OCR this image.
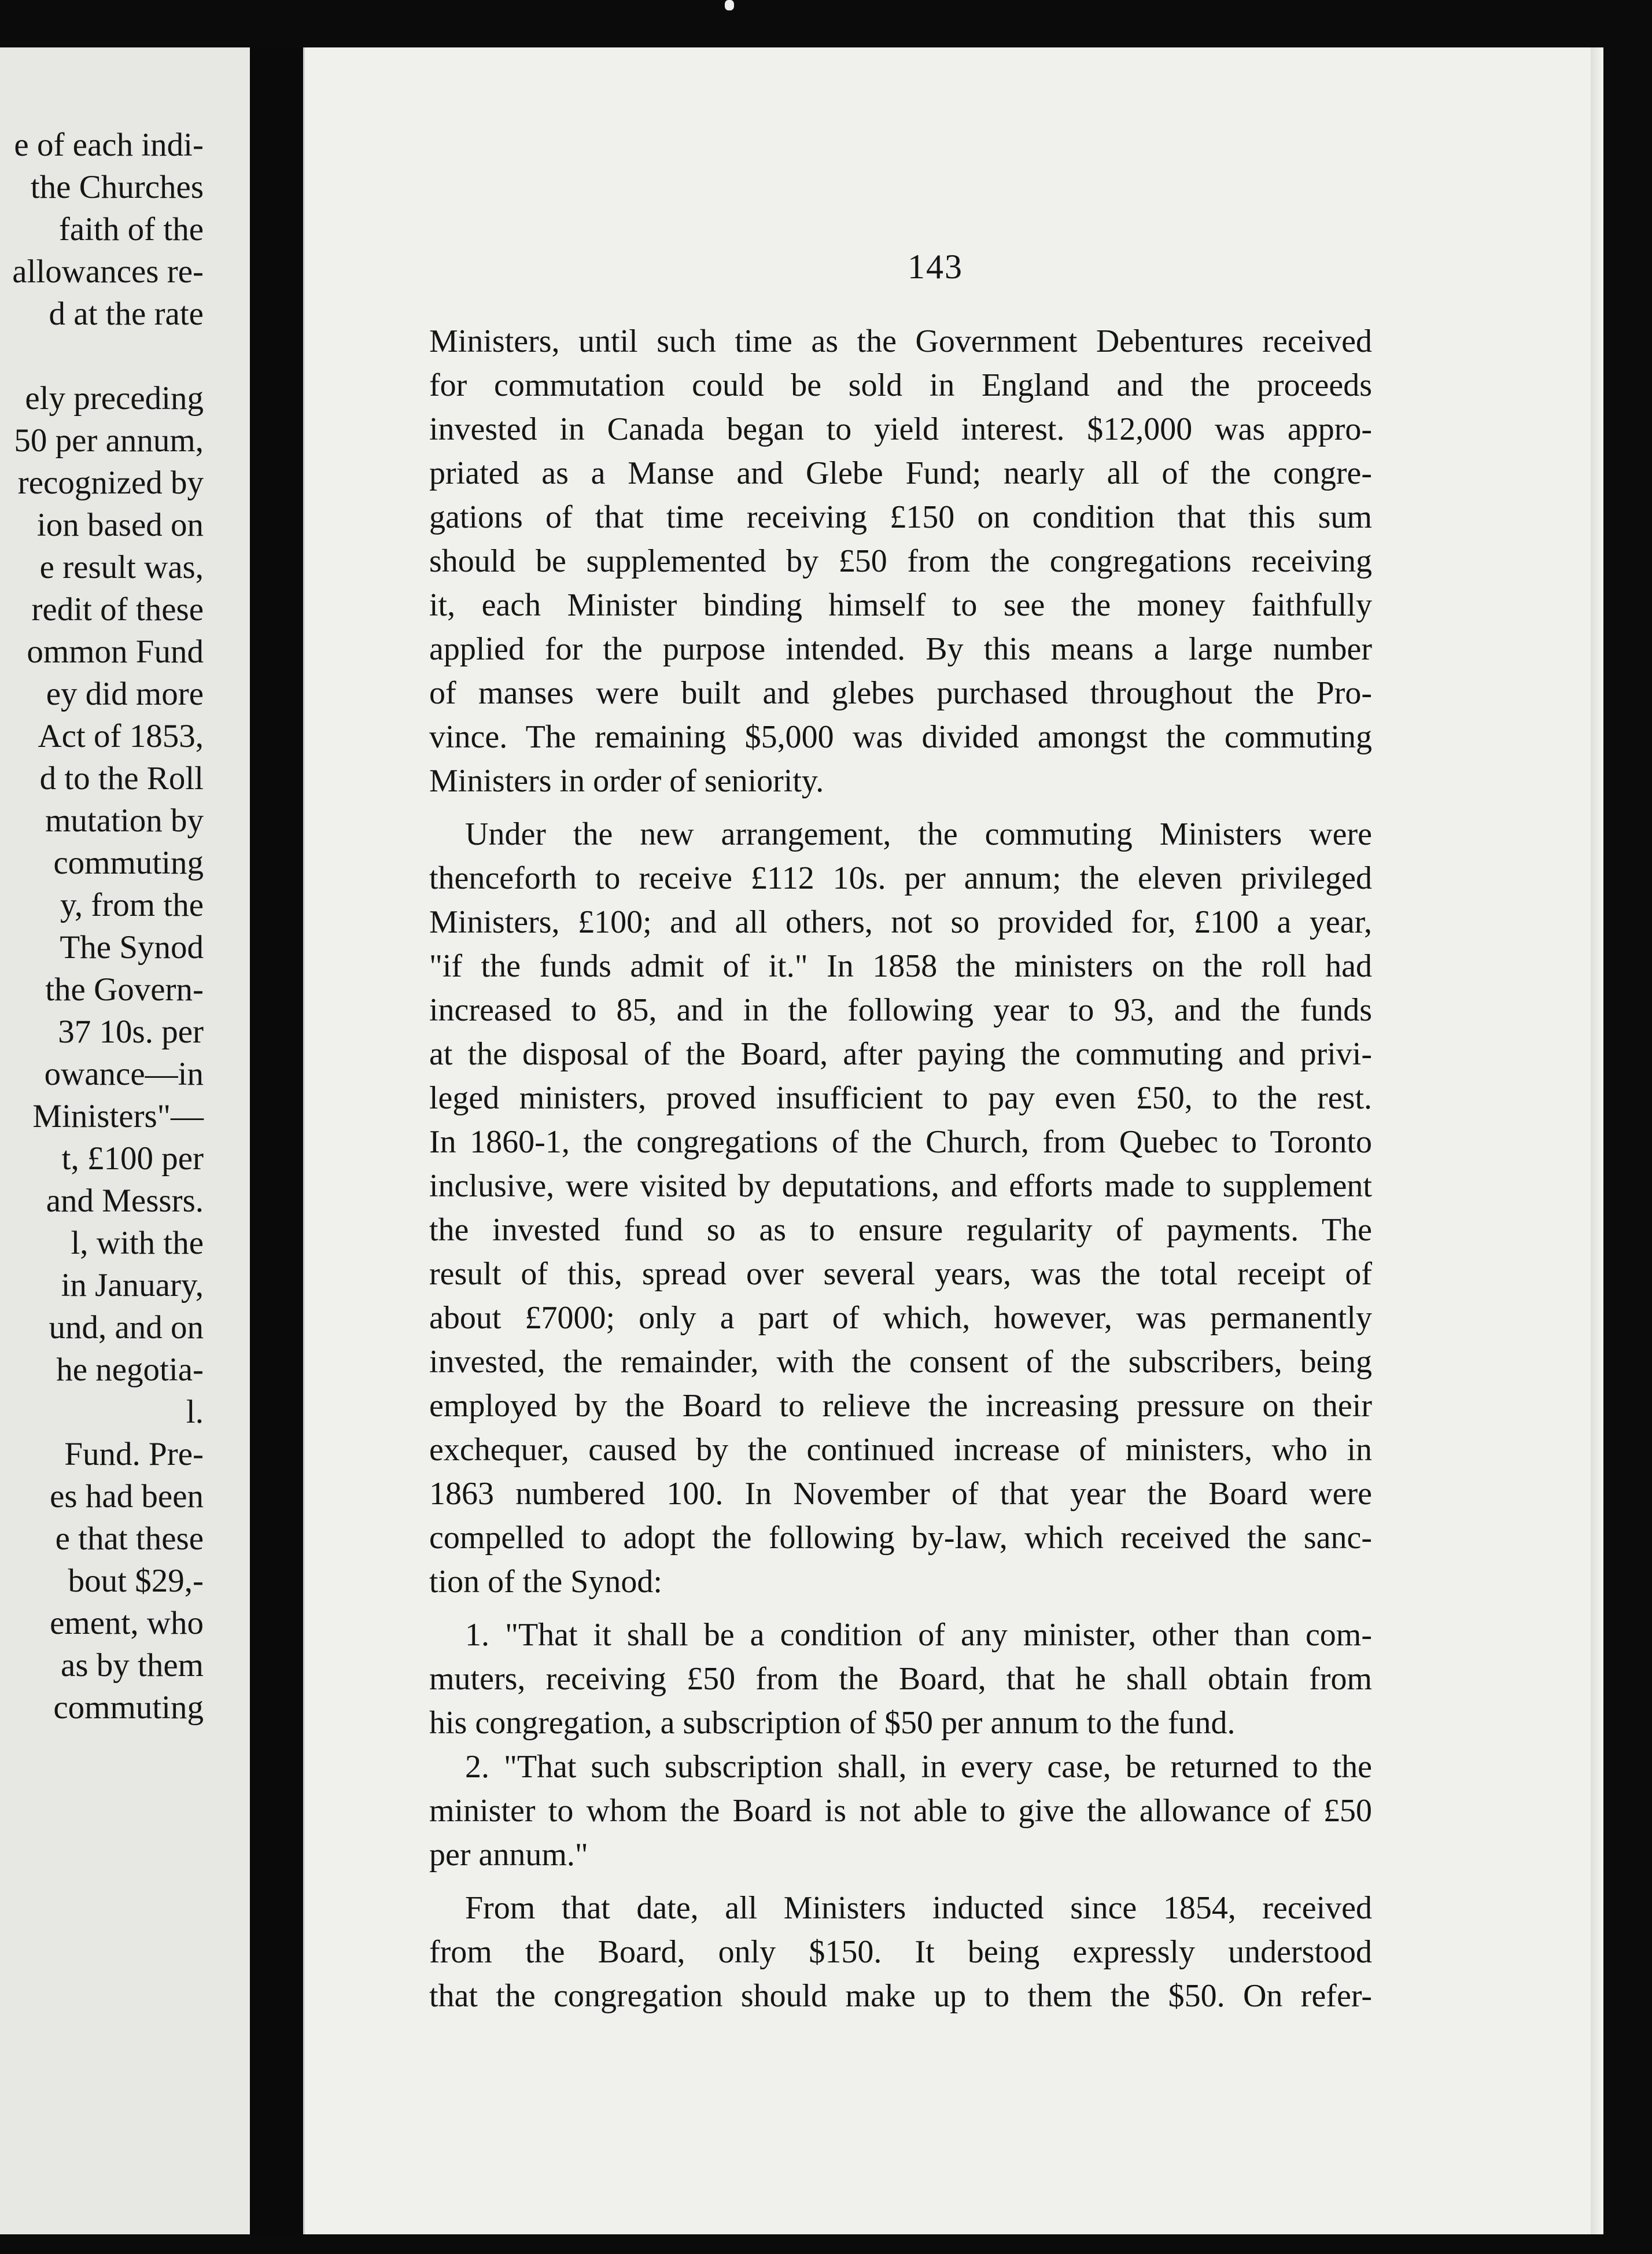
e of each indi-
the Churches
faith of the
allowances re-
d at the rate
ely preceding
50 per annum,
recognized by
ion based on
e result was,
redit of these
ommon Fund
ey did more
Act of 1853,
d to the Roll
mutation by
commuting
y, from the
The Synod
the Govern-
37 10s. per
owance—in
Ministers"—
t, £100 per
and Messrs.
l, with the
in January,
und, and on
he negotia-
l.
Fund. Pre-
es had been
e that these
bout $29,-
ement, who
as by them
commuting
143
Ministers, until such time as the Government Debentures received
for commutation could be sold in England and the proceeds
invested in Canada began to yield interest. $12,000 was appro-
priated as a Manse and Glebe Fund; nearly all of the congre-
gations of that time receiving £150 on condition that this sum
should be supplemented by £50 from the congregations receiving
it, each Minister binding himself to see the money faithfully
applied for the purpose intended. By this means a large number
of manses were built and glebes purchased throughout the Pro-
vince. The remaining $5,000 was divided amongst the commuting
Ministers in order of seniority.
Under the new arrangement, the commuting Ministers were
thenceforth to receive £112 10s. per annum; the eleven privileged
Ministers, £100; and all others, not so provided for, £100 a year,
"if the funds admit of it." In 1858 the ministers on the roll had
increased to 85, and in the following year to 93, and the funds
at the disposal of the Board, after paying the commuting and privi-
leged ministers, proved insufficient to pay even £50, to the rest.
In 1860-1, the congregations of the Church, from Quebec to Toronto
inclusive, were visited by deputations, and efforts made to supplement
the invested fund so as to ensure regularity of payments. The
result of this, spread over several years, was the total receipt of
about £7000; only a part of which, however, was permanently
invested, the remainder, with the consent of the subscribers, being
employed by the Board to relieve the increasing pressure on their
exchequer, caused by the continued increase of ministers, who in
1863 numbered 100. In November of that year the Board were
compelled to adopt the following by-law, which received the sanc-
tion of the Synod:
1. "That it shall be a condition of any minister, other than com-
muters, receiving £50 from the Board, that he shall obtain from
his congregation, a subscription of $50 per annum to the fund.
2. "That such subscription shall, in every case, be returned to the
minister to whom the Board is not able to give the allowance of £50
per annum."
From that date, all Ministers inducted since 1854, received
from the Board, only $150. It being expressly understood
that the congregation should make up to them the $50. On refer-
